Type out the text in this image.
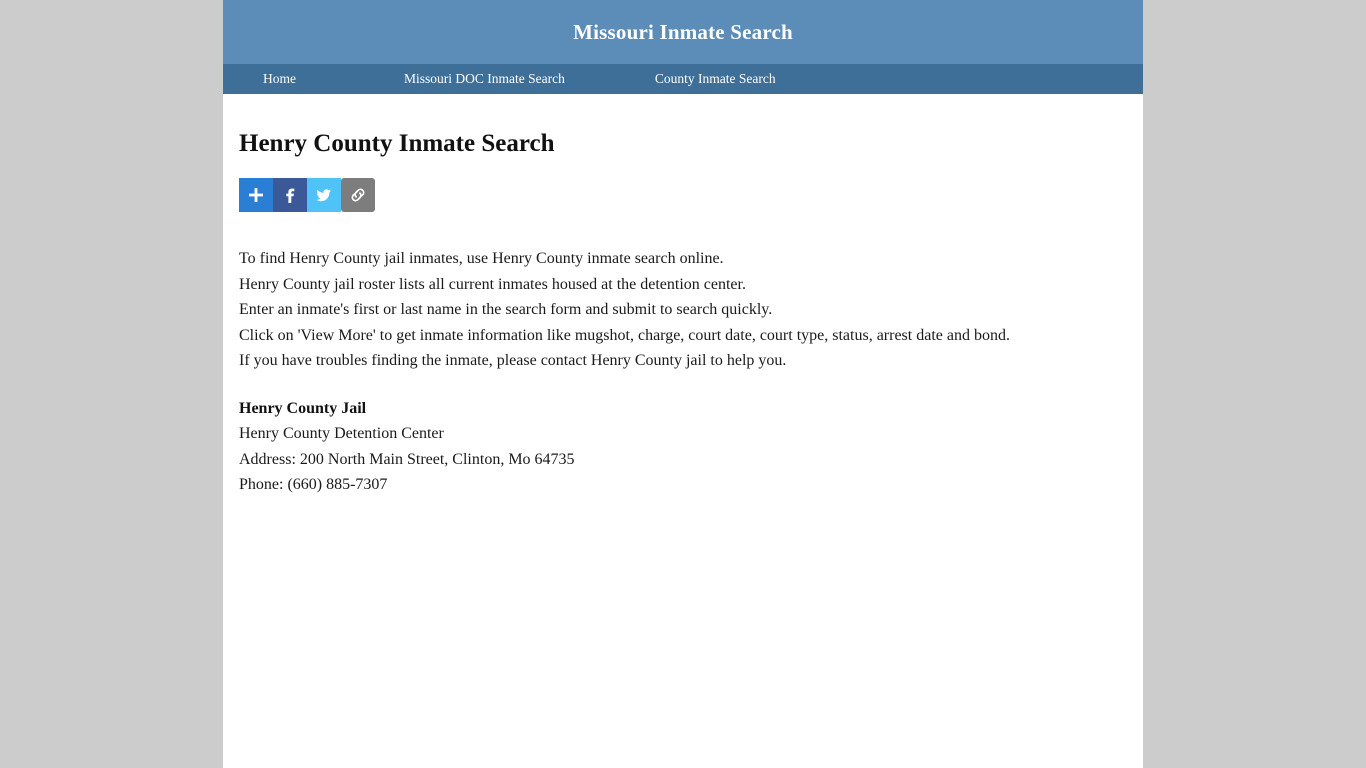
Missouri Inmate Search
Home	Missouri DOC Inmate Search	County Inmate Search
Henry County Inmate Search

To find Henry County jail inmates, use Henry County inmate search online.

Henry County jail roster lists all current inmates housed at the detention center.

Enter an inmate's first or last name in the search form and submit to search quickly.

Click on 'View More' to get inmate information like mugshot, charge, court date, court type, status, arrest date and bond.

If you have troubles finding the inmate, please contact Henry County jail to help you.

Henry County Jail

Henry County Detention Center

Address: 200 North Main Street, Clinton, Mo 64735

Phone: (660) 885-7307
